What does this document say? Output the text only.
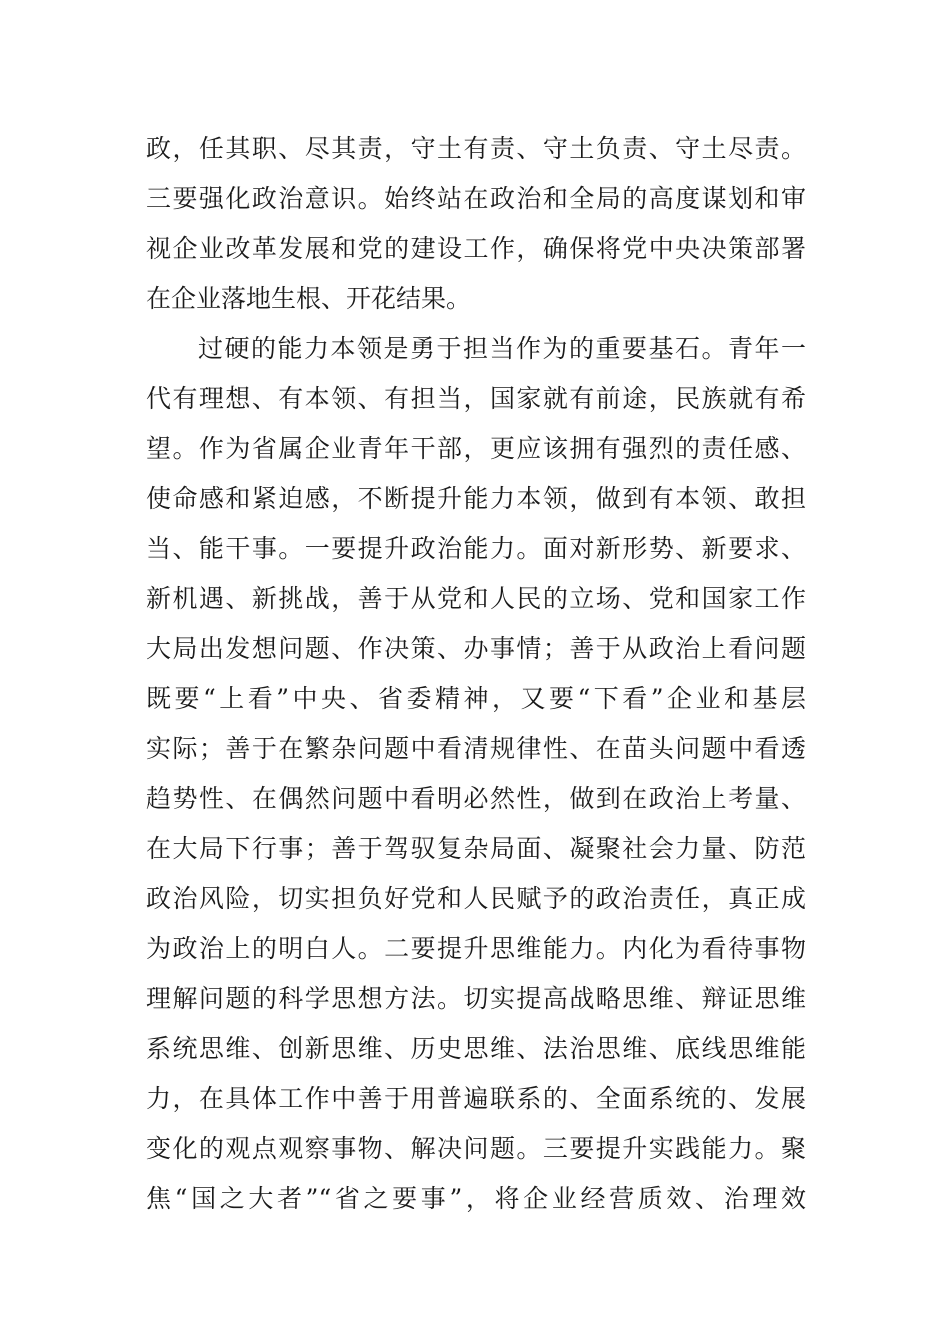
政，任其职、尽其责，守土有责、守土负责、守土尽责。
三要强化政治意识。始终站在政治和全局的高度谋划和审
视企业改革发展和党的建设工作，确保将党中央决策部署
在企业落地生根、开花结果。
过硬的能力本领是勇于担当作为的重要基石。青年一
代有理想、有本领、有担当，国家就有前途，民族就有希
望。作为省属企业青年干部，更应该拥有强烈的责任感、
使命感和紧迫感，不断提升能力本领，做到有本领、敢担
当、能干事。一要提升政治能力。面对新形势、新要求、
新机遇、新挑战，善于从党和人民的立场、党和国家工作
大局出发想问题、作决策、办事情；善于从政治上看问题
既要“上看”中央、省委精神，又要“下看”企业和基层
实际；善于在繁杂问题中看清规律性、在苗头问题中看透
趋势性、在偶然问题中看明必然性，做到在政治上考量、
在大局下行事；善于驾驭复杂局面、凝聚社会力量、防范
政治风险，切实担负好党和人民赋予的政治责任，真正成
为政治上的明白人。二要提升思维能力。内化为看待事物
理解问题的科学思想方法。切实提高战略思维、辩证思维
系统思维、创新思维、历史思维、法治思维、底线思维能
力，在具体工作中善于用普遍联系的、全面系统的、发展
变化的观点观察事物、解决问题。三要提升实践能力。聚
焦“国之大者”“省之要事”，将企业经营质效、治理效
